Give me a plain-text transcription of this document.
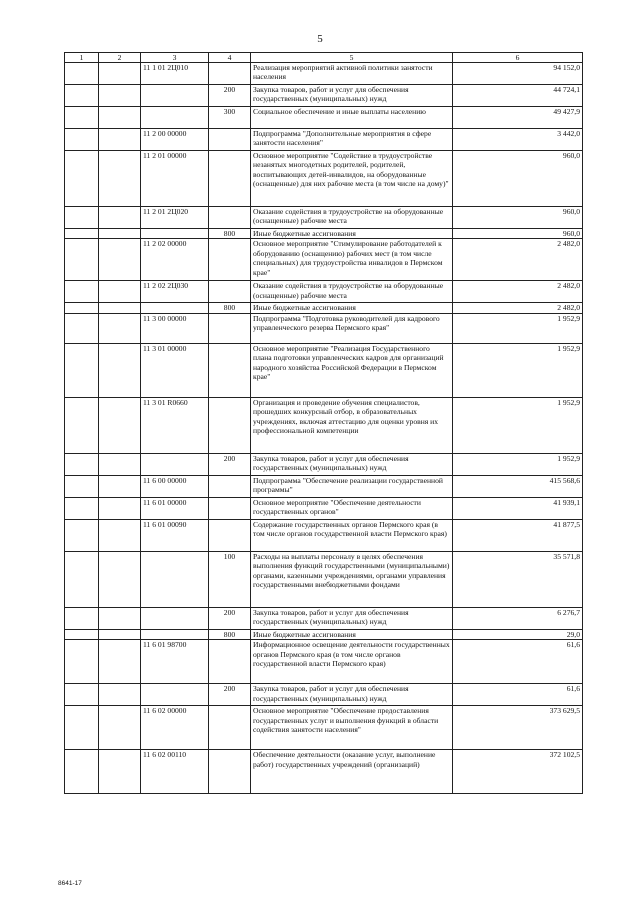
5
1	2	3	4	5	6
		11 1 01 2Ц010		Реализация мероприятий активной политики занятости населения	94 152,0
			200	Закупка товаров, работ и услуг для обеспечения государственных (муниципальных) нужд	44 724,1
			300	Социальное обеспечение и иные выплаты населению	49 427,9
		11 2 00 00000		Подпрограмма "Дополнительные мероприятия в сфере занятости населения"	3 442,0
		11 2 01 00000		Основное мероприятие "Содействие в трудоустройстве незанятых многодетных родителей, родителей, воспитывающих детей-инвалидов, на оборудованные (оснащенные) для них рабочие места (в том числе на дому)"	960,0
		11 2 01 2Ц020		Оказание содействия в трудоустройстве на оборудованные (оснащенные) рабочие места	960,0
			800	Иные бюджетные ассигнования	960,0
		11 2 02 00000		Основное мероприятие "Стимулирование работодателей к оборудованию (оснащению) рабочих мест (в том числе специальных) для трудоустройства инвалидов в Пермском крае"	2 482,0
		11 2 02 2Ц030		Оказание содействия в трудоустройстве на оборудованные (оснащенные) рабочие места	2 482,0
			800	Иные бюджетные ассигнования	2 482,0
		11 3 00 00000		Подпрограмма "Подготовка руководителей для кадрового управленческого резерва Пермского края"	1 952,9
		11 3 01 00000		Основное мероприятие "Реализация Государственного плана подготовки управленческих кадров для организаций народного хозяйства Российской Федерации в Пермском крае"	1 952,9
		11 3 01 R0660		Организация и проведение обучения специалистов, прошедших конкурсный отбор, в образовательных учреждениях, включая аттестацию для оценки уровня их профессиональной компетенции	1 952,9
			200	Закупка товаров, работ и услуг для обеспечения государственных (муниципальных) нужд	1 952,9
		11 6 00 00000		Подпрограмма "Обеспечение реализации государственной программы"	415 568,6
		11 6 01 00000		Основное мероприятие "Обеспечение деятельности государственных органов"	41 939,1
		11 6 01 00090		Содержание государственных органов Пермского края (в том числе органов государственной власти Пермского края)	41 877,5
			100	Расходы на выплаты персоналу в целях обеспечения выполнения функций государственными (муниципальными) органами, казенными учреждениями, органами управления государственными внебюджетными фондами	35 571,8
			200	Закупка товаров, работ и услуг для обеспечения государственных (муниципальных) нужд	6 276,7
			800	Иные бюджетные ассигнования	29,0
		11 6 01 98700		Информационное освещение деятельности государственных органов Пермского края (в том числе органов государственной власти Пермского края)	61,6
			200	Закупка товаров, работ и услуг для обеспечения государственных (муниципальных) нужд	61,6
		11 6 02 00000		Основное мероприятие "Обеспечение предоставления государственных услуг и выполнения функций в области содействия занятости населения"	373 629,5
		11 6 02 00110		Обеспечение деятельности (оказание услуг, выполнение работ) государственных учреждений (организаций)	372 102,5
8641-17
